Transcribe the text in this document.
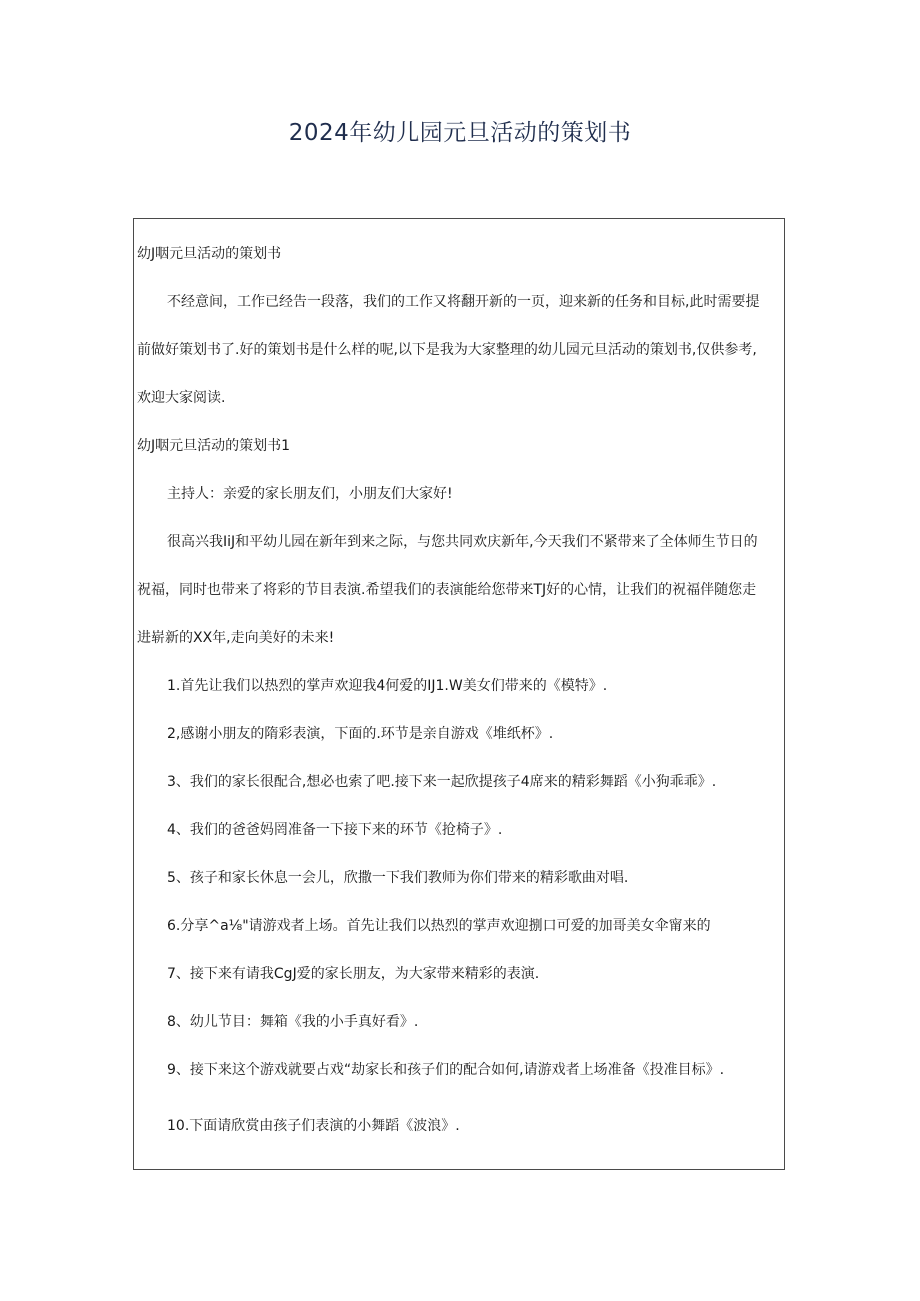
2024年幼儿园元旦活动的策划书
幼J咽元旦活动的策划书
不经意间，工作已经告一段落，我们的工作又将翻开新的一页，迎来新的任务和目标,此时需要提
前做好策划书了.好的策划书是什么样的呢,以下是我为大家整理的幼儿园元旦活动的策划书,仅供参考,
欢迎大家阅读.
幼J咽元旦活动的策划书1
主持人：亲爱的家长朋友们，小朋友们大家好!
很高兴我IiJ和平幼儿园在新年到来之际，与您共同欢庆新年,今天我们不紧带来了全体师生节日的
祝福，同时也带来了将彩的节目表演.希望我们的表演能给您带来TJ好的心情，让我们的祝福伴随您走
进崭新的XX年,走向美好的未来!
1.首先让我们以热烈的掌声欢迎我4何爱的IJ1.W美女们带来的《模特》.
2,感谢小朋友的隋彩表演，下面的.环节是亲自游戏《堆纸杯》.
3、我们的家长很配合,想必也索了吧.接下来一起欣提孩子4席来的精彩舞蹈《小狗乖乖》.
4、我们的爸爸妈罔准备一下接下来的环节《抢椅子》.
5、孩子和家长休息一会儿，欣撒一下我们教师为你们带来的精彩歌曲对唱.
6.分享^a⅛"请游戏者上场。首先让我们以热烈的掌声欢迎捌口可爱的加哥美女伞甯来的
7、接下来有请我CgJ爱的家长朋友，为大家带来精彩的表演.
8、幼儿节目：舞箱《我的小手真好看》.
9、接下来这个游戏就要占戏“劫家长和孩子们的配合如何,请游戏者上场准备《投准目标》.
10.下面请欣赏由孩子们表演的小舞蹈《波浪》.
